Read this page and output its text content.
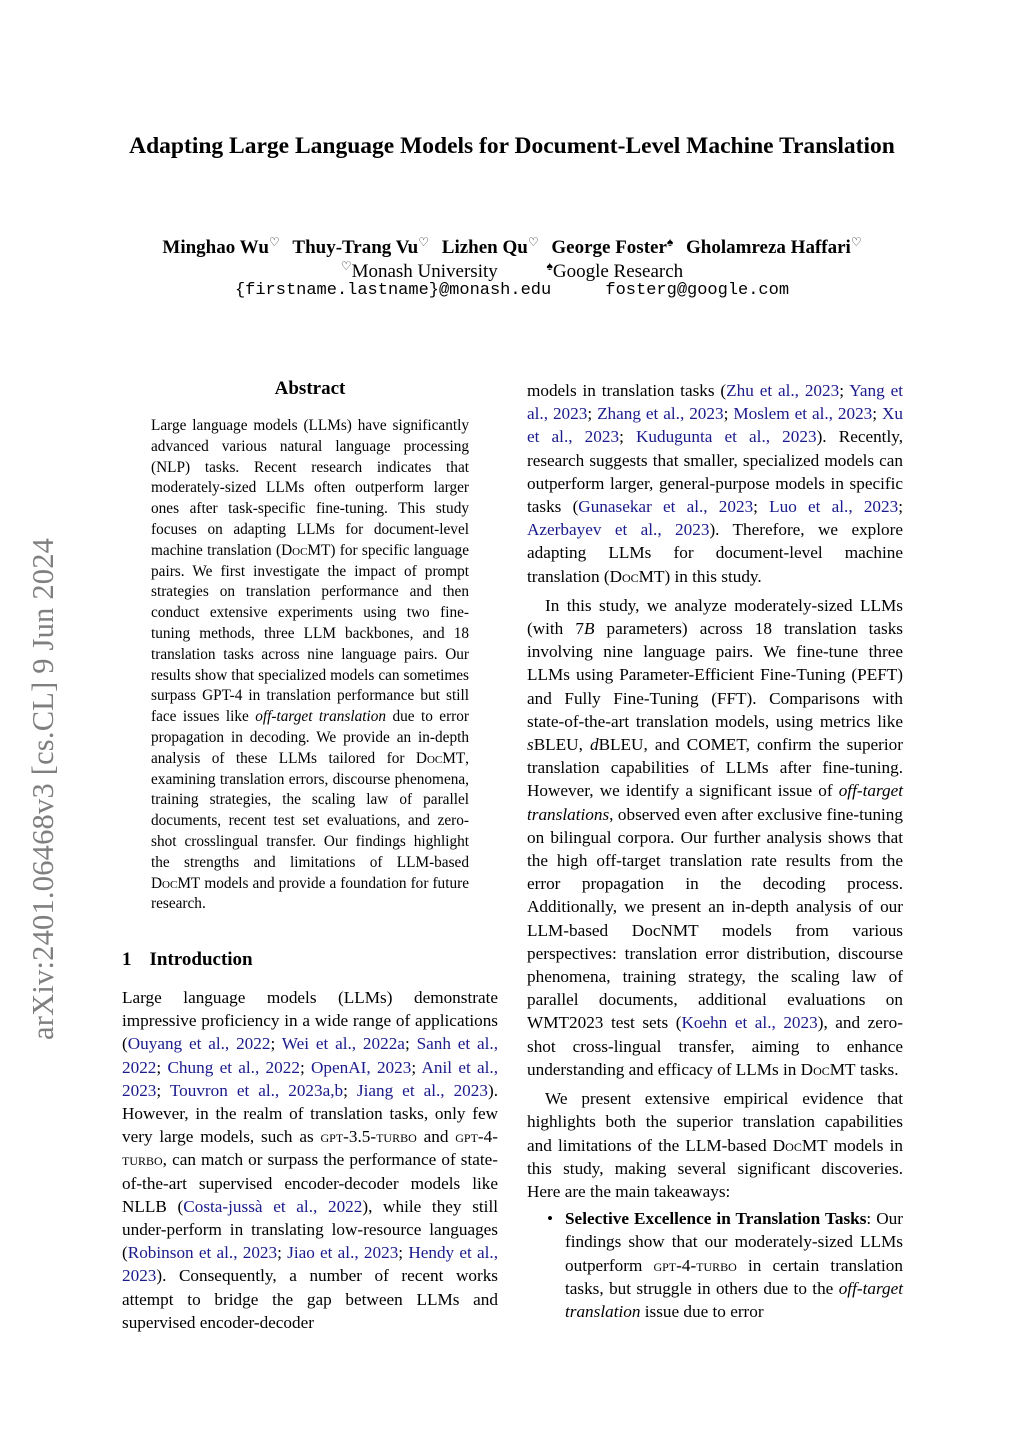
arXiv:2401.06468v3 [cs.CL] 9 Jun 2024
Adapting Large Language Models for Document-Level Machine Translation
Minghao Wu♡ Thuy-Trang Vu♡ Lizhen Qu♡ George Foster♠ Gholamreza Haffari♡
♡Monash University	♠Google Research
{firstname.lastname}@monash.edu	fosterg@google.com
Abstract
Large language models (LLMs) have significantly advanced various natural language processing (NLP) tasks. Recent research indicates that moderately-sized LLMs often outperform larger ones after task-specific fine-tuning. This study focuses on adapting LLMs for document-level machine translation (DocMT) for specific language pairs. We first investigate the impact of prompt strategies on translation performance and then conduct extensive experiments using two fine-tuning methods, three LLM backbones, and 18 translation tasks across nine language pairs. Our results show that specialized models can sometimes surpass GPT-4 in translation performance but still face issues like off-target translation due to error propagation in decoding. We provide an in-depth analysis of these LLMs tailored for DocMT, examining translation errors, discourse phenomena, training strategies, the scaling law of parallel documents, recent test set evaluations, and zero-shot crosslingual transfer. Our findings highlight the strengths and limitations of LLM-based DocMT models and provide a foundation for future research.
1 Introduction

Large language models (LLMs) demonstrate impressive proficiency in a wide range of applications (Ouyang et al., 2022; Wei et al., 2022a; Sanh et al., 2022; Chung et al., 2022; OpenAI, 2023; Anil et al., 2023; Touvron et al., 2023a,b; Jiang et al., 2023). However, in the realm of translation tasks, only few very large models, such as gpt-3.5-turbo and gpt-4-turbo, can match or surpass the performance of state-of-the-art supervised encoder-decoder models like NLLB (Costa-jussà et al., 2022), while they still under-perform in translating low-resource languages (Robinson et al., 2023; Jiao et al., 2023; Hendy et al., 2023). Consequently, a number of recent works attempt to bridge the gap between LLMs and supervised encoder-decoder

models in translation tasks (Zhu et al., 2023; Yang et al., 2023; Zhang et al., 2023; Moslem et al., 2023; Xu et al., 2023; Kudugunta et al., 2023). Recently, research suggests that smaller, specialized models can outperform larger, general-purpose models in specific tasks (Gunasekar et al., 2023; Luo et al., 2023; Azerbayev et al., 2023). Therefore, we explore adapting LLMs for document-level machine translation (DocMT) in this study.

In this study, we analyze moderately-sized LLMs (with 7B parameters) across 18 translation tasks involving nine language pairs. We fine-tune three LLMs using Parameter-Efficient Fine-Tuning (PEFT) and Fully Fine-Tuning (FFT). Comparisons with state-of-the-art translation models, using metrics like sBLEU, dBLEU, and COMET, confirm the superior translation capabilities of LLMs after fine-tuning. However, we identify a significant issue of off-target translations, observed even after exclusive fine-tuning on bilingual corpora. Our further analysis shows that the high off-target translation rate results from the error propagation in the decoding process. Additionally, we present an in-depth analysis of our LLM-based DocNMT models from various perspectives: translation error distribution, discourse phenomena, training strategy, the scaling law of parallel documents, additional evaluations on WMT2023 test sets (Koehn et al., 2023), and zero-shot cross-lingual transfer, aiming to enhance understanding and efficacy of LLMs in DocMT tasks.

We present extensive empirical evidence that highlights both the superior translation capabilities and limitations of the LLM-based DocMT models in this study, making several significant discoveries. Here are the main takeaways:

• Selective Excellence in Translation Tasks: Our findings show that our moderately-sized LLMs outperform gpt-4-turbo in certain translation tasks, but struggle in others due to the off-target translation issue due to error
